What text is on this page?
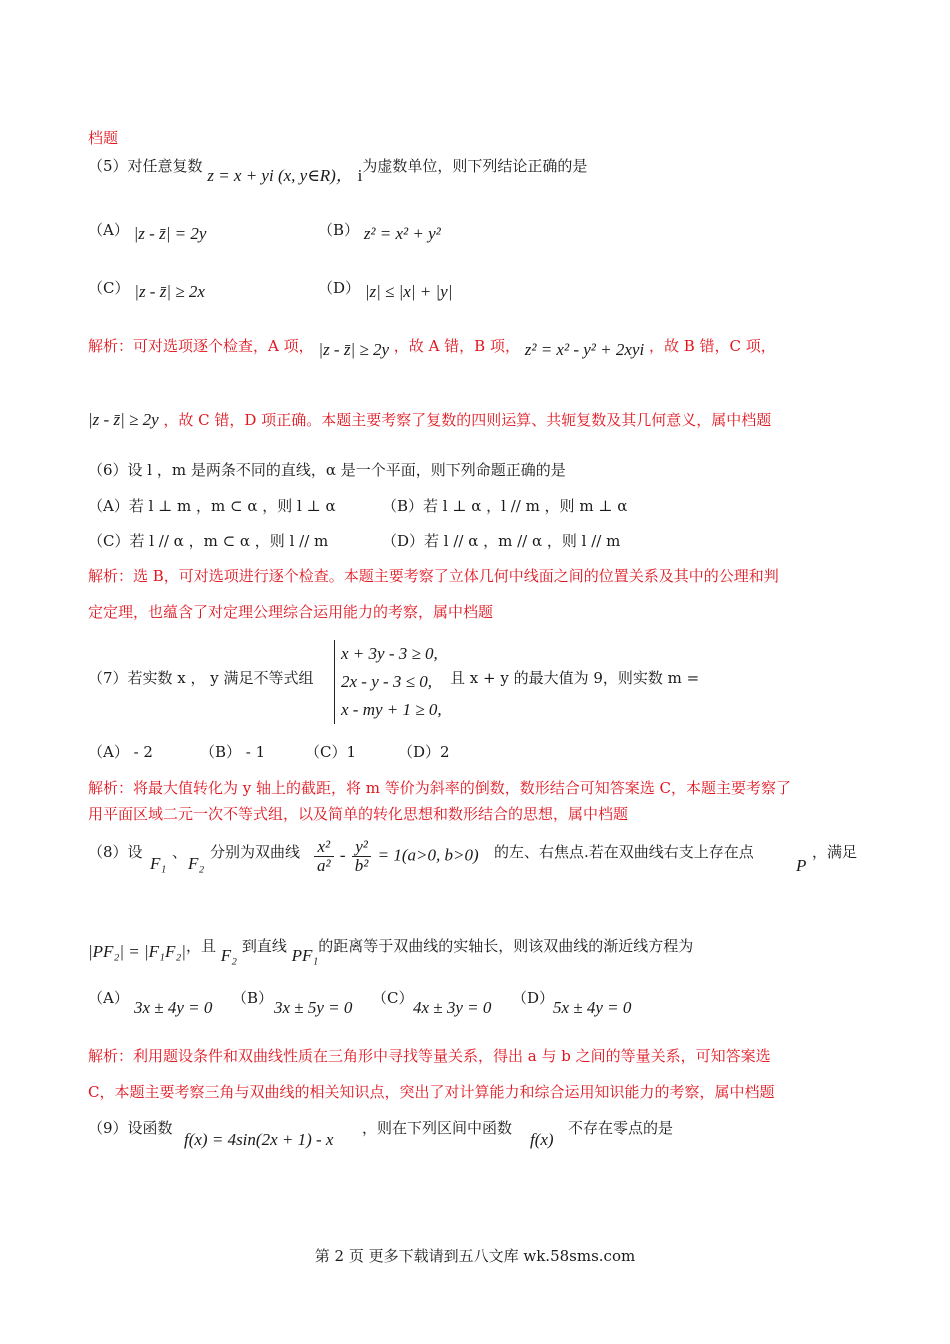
档题
（5）对任意复数 z = x + yi (x, y∈R)， i为虚数单位，则下列结论正确的是
（A） |z - z̄| = 2y	（B） z² = x² + y²
（C） |z - z̄| ≥ 2x	（D） |z| ≤ |x| + |y|
解析：可对选项逐个检查，A 项， |z - z̄| ≥ 2y ，故 A 错，B 项， z² = x² - y² + 2xyi ，故 B 错，C 项，
|z - z̄| ≥ 2y ，故 C 错，D 项正确。本题主要考察了复数的四则运算、共轭复数及其几何意义，属中档题
（6）设 l ，m 是两条不同的直线，α 是一个平面，则下列命题正确的是
（A）若 l ⊥ m ，m ⊂ α ，则 l ⊥ α	（B）若 l ⊥ α ，l // m ，则 m ⊥ α
（C）若 l // α ，m ⊂ α ，则 l // m	（D）若 l // α ，m // α ，则 l // m
解析：选 B，可对选项进行逐个检查。本题主要考察了立体几何中线面之间的位置关系及其中的公理和判
定定理，也蕴含了对定理公理综合运用能力的考察，属中档题
（7）若实数 x ， y 满足不等式组
x + 3y - 3 ≥ 0,
2x - y - 3 ≤ 0,
x - my + 1 ≥ 0,
且 x + y 的最大值为 9，则实数 m =
（A） - 2	（B） - 1	（C）1	（D）2
解析：将最大值转化为 y 轴上的截距，将 m 等价为斜率的倒数，数形结合可知答案选 C，本题主要考察了
用平面区域二元一次不等式组，以及简单的转化思想和数形结合的思想，属中档题
（8）设
F₁
、
F₂
分别为双曲线 $\frac{\text{x²}}{\text{a²}} - \frac{\text{y²}}{\text{b²}} = 1(a>0$, b>0) 的左、右焦点.若在双曲线右支上存在点
P
，满足
|PF₂| = |F₁F₂|，且 F₂ 到直线 PF₁的距离等于双曲线的实轴长，则该双曲线的渐近线方程为
（A） 3x ± 4y = 0 （B） 3x ± 5y = 0 （C） 4x ± 3y = 0 （D）
5x ± 4y = 0
解析：利用题设条件和双曲线性质在三角形中寻找等量关系，得出 a 与 b 之间的等量关系，可知答案选
C，本题主要考察三角与双曲线的相关知识点，突出了对计算能力和综合运用知识能力的考察，属中档题
（9）设函数
f(x) = 4sin(2x + 1) - x
，则在下列区间中函数
f(x)
不存在零点的是
第 2 页 更多下载请到五八文库 wk.58sms.com
